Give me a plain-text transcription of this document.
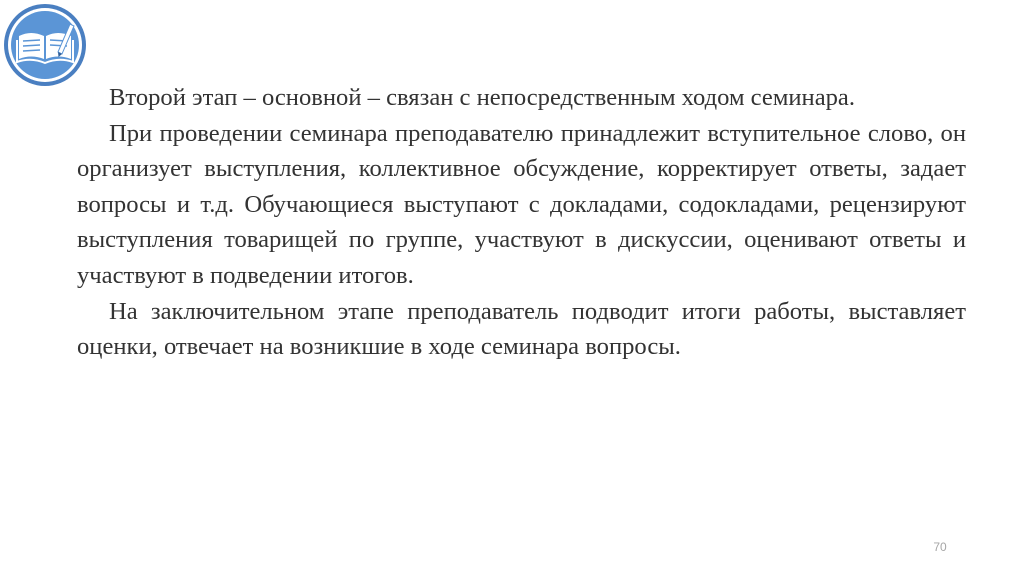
Второй этап – основной – связан с непосредственным ходом семинара.

При проведении семинара преподавателю принадлежит вступительное слово, он организует выступления, коллективное обсуждение, корректирует ответы, задает вопросы и т.д. Обучающиеся выступают с докладами, содокладами, рецензируют выступления товарищей по группе, участвуют в дискуссии, оценивают ответы и участвуют в подведении итогов.

На заключительном этапе преподаватель подводит итоги работы, выставляет оценки, отвечает на возникшие в ходе семинара вопросы.

70
